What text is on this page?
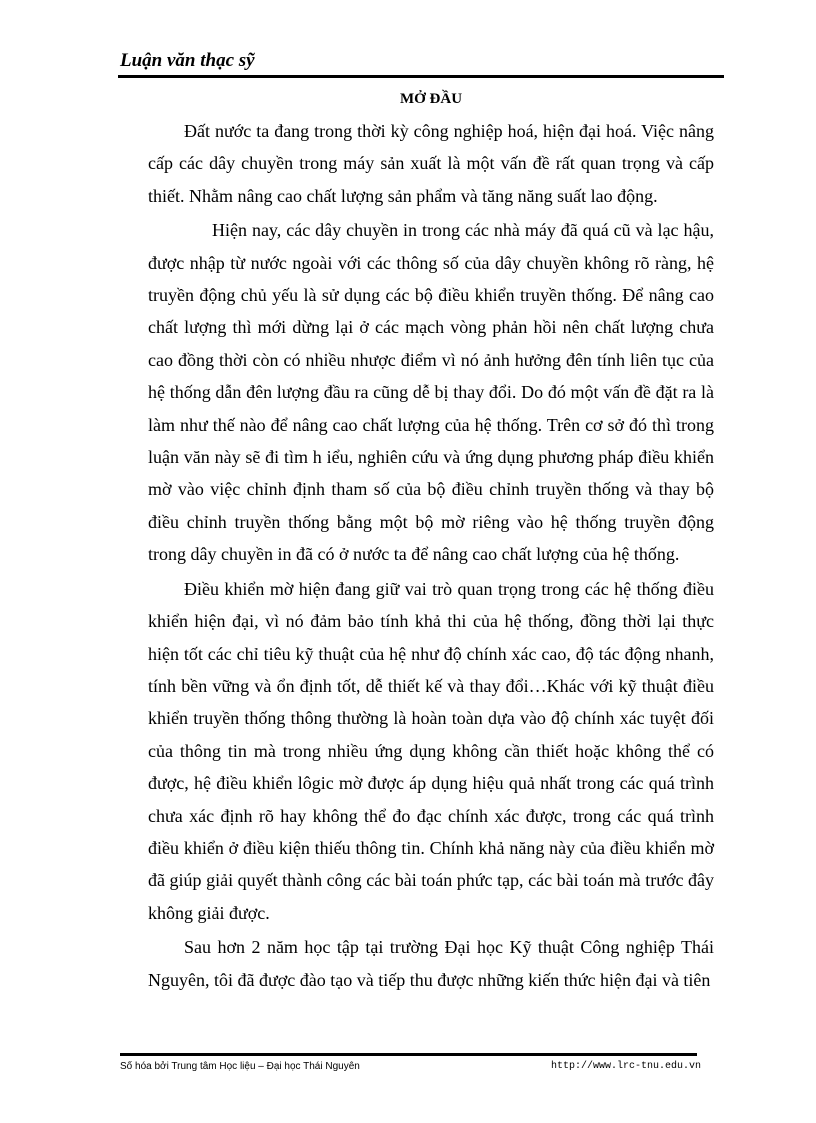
Luận văn thạc sỹ
MỞ ĐẦU

Đất nước ta đang trong thời kỳ công nghiệp hoá, hiện đại hoá. Việc nâng cấp các dây chuyền trong máy sản xuất là một vấn đề rất quan trọng và cấp thiết. Nhằm nâng cao chất lượng sản phẩm và tăng năng suất lao động.

Hiện nay, các dây chuyền in trong các nhà máy đã quá cũ và lạc hậu, được nhập từ nước ngoài với các thông số của dây chuyền không rõ ràng, hệ truyền động chủ yếu là sử dụng các bộ điều khiển truyền thống. Để nâng cao chất lượng thì mới dừng lại ở các mạch vòng phản hồi nên chất lượng chưa cao đồng thời còn có nhiều nhược điểm vì nó ảnh hưởng đên tính liên tục của hệ thống dẫn đên lượng đầu ra cũng dễ bị thay đổi. Do đó một vấn đề đặt ra là làm như thế nào để nâng cao chất lượng của hệ thống. Trên cơ sở đó thì trong luận văn này sẽ đi tìm h iểu, nghiên cứu và ứng dụng phương pháp điều khiển mờ vào việc chỉnh định tham số của bộ điều chỉnh truyền thống và thay bộ điều chỉnh truyền thống bằng một bộ mờ riêng vào hệ thống truyền động trong dây chuyền in đã có ở nước ta để nâng cao chất lượng của hệ thống.

Điều khiển mờ hiện đang giữ vai trò quan trọng trong các hệ thống điều khiển hiện đại, vì nó đảm bảo tính khả thi của hệ thống, đồng thời lại thực hiện tốt các chỉ tiêu kỹ thuật của hệ như độ chính xác cao, độ tác động nhanh, tính bền vững và ổn định tốt, dễ thiết kế và thay đổi…Khác với kỹ thuật điều khiển truyền thống thông thường là hoàn toàn dựa vào độ chính xác tuyệt đối của thông tin mà trong nhiều ứng dụng không cần thiết hoặc không thể có được, hệ điều khiển lôgic mờ được áp dụng hiệu quả nhất trong các quá trình chưa xác định rõ hay không thể đo đạc chính xác được, trong các quá trình điều khiển ở điều kiện thiếu thông tin. Chính khả năng này của điều khiển mờ đã giúp giải quyết thành công các bài toán phức tạp, các bài toán mà trước đây không giải được.

Sau hơn 2 năm học tập tại trường Đại học Kỹ thuật Công nghiệp Thái Nguyên, tôi đã được đào tạo và tiếp thu được những kiến thức hiện đại và tiên

Số hóa bởi Trung tâm Học liệu – Đại học Thái Nguyên	http://www.lrc-tnu.edu.vn
